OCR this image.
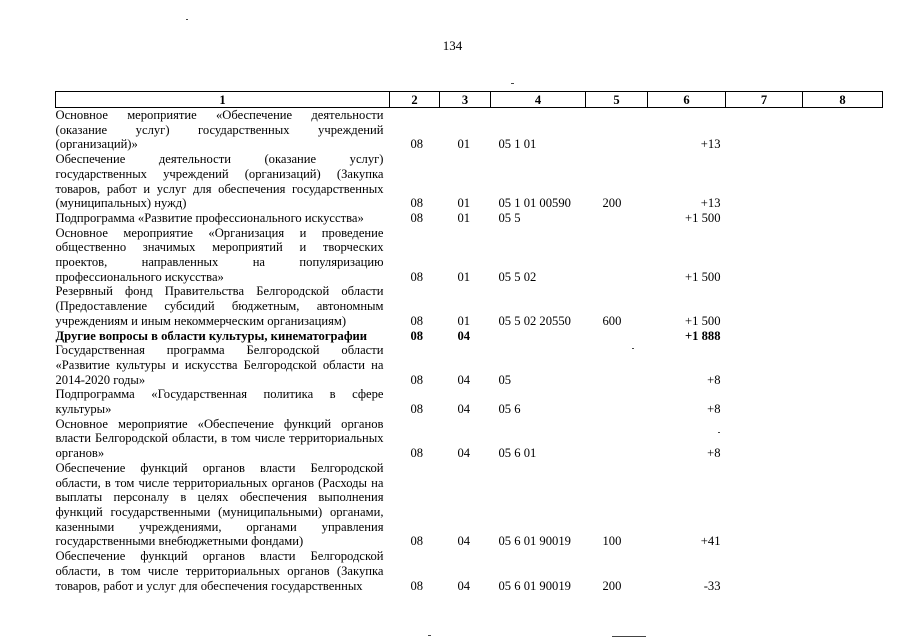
134
1	2	3	4	5	6	7	8
Основное мероприятие «Обеспечение деятельности (оказание услуг) государственных учреждений (организаций)»	08	01	05 1 01		+13		
Обеспечение деятельности (оказание услуг) государственных учреждений (организаций) (Закупка товаров, работ и услуг для обеспечения государственных (муниципальных) нужд)	08	01	05 1 01 00590	200	+13		
Подпрограмма «Развитие профессионального искусства»	08	01	05 5		+1 500		
Основное мероприятие «Организация и проведение общественно значимых мероприятий и творческих проектов, направленных на популяризацию профессионального искусства»	08	01	05 5 02		+1 500		
Резервный фонд Правительства Белгородской области (Предоставление субсидий бюджетным, автономным учреждениям и иным некоммерческим организациям)	08	01	05 5 02 20550	600	+1 500		
Другие вопросы в области культуры, кинематографии	08	04			+1 888		
Государственная программа Белгородской области «Развитие культуры и искусства Белгородской области на 2014-2020 годы»	08	04	05		+8		
Подпрограмма «Государственная политика в сфере культуры»	08	04	05 6		+8		
Основное мероприятие «Обеспечение функций органов власти Белгородской области, в том числе территориальных органов»	08	04	05 6 01		+8		
Обеспечение функций органов власти Белгородской области, в том числе территориальных органов (Расходы на выплаты персоналу в целях обеспечения выполнения функций государственными (муниципальными) органами, казенными учреждениями, органами управления государственными внебюджетными фондами)	08	04	05 6 01 90019	100	+41		
Обеспечение функций органов власти Белгородской области, в том числе территориальных органов (Закупка товаров, работ и услуг для обеспечения государственных	08	04	05 6 01 90019	200	-33		
